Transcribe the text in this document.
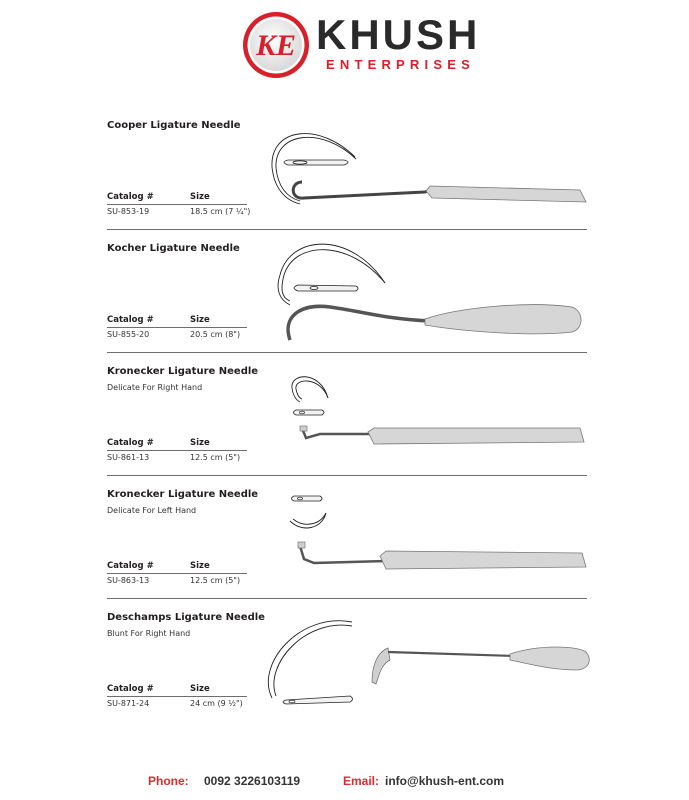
KE KHUSH
ENTERPRISES
Cooper Ligature Needle
Catalog #	Size
SU-853-19	18.5 cm (7 ¼")
Kocher Ligature Needle
Catalog #	Size
SU-855-20	20.5 cm (8")
Kronecker Ligature Needle
Delicate For Right Hand
Catalog #	Size
SU-861-13	12.5 cm (5")
Kronecker Ligature Needle
Delicate For Left Hand
Catalog #	Size
SU-863-13	12.5 cm (5")
Deschamps Ligature Needle
Blunt For Right Hand
Catalog #	Size
SU-871-24	24 cm (9 ½")
Phone: 0092 3226103119	Email: info@khush-ent.com
